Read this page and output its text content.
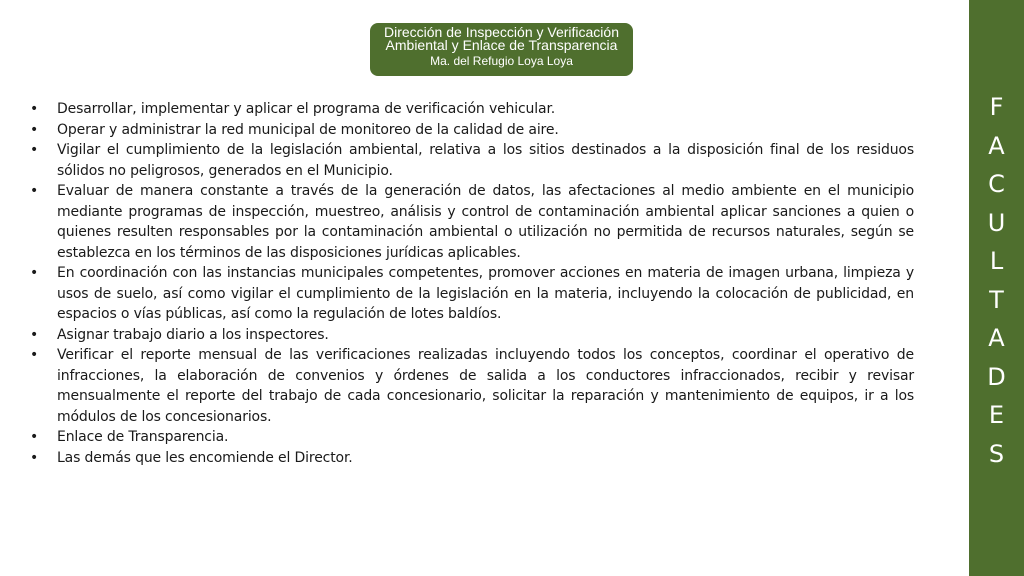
Dirección de Inspección y Verificación
Ambiental y Enlace de Transparencia
Ma. del Refugio Loya Loya
• Desarrollar, implementar y aplicar el programa de verificación vehicular.
• Operar y administrar la red municipal de monitoreo de la calidad de aire.
• Vigilar el cumplimiento de la legislación ambiental, relativa a los sitios destinados a la disposición final de los residuos sólidos no peligrosos, generados en el Municipio.
• Evaluar de manera constante a través de la generación de datos, las afectaciones al medio ambiente en el municipio mediante programas de inspección, muestreo, análisis y control de contaminación ambiental aplicar sanciones a quien o quienes resulten responsables por la contaminación ambiental o utilización no permitida de recursos naturales, según se establezca en los términos de las disposiciones jurídicas aplicables.
• En coordinación con las instancias municipales competentes, promover acciones en materia de imagen urbana, limpieza y usos de suelo, así como vigilar el cumplimiento de la legislación en la materia, incluyendo la colocación de publicidad, en espacios o vías públicas, así como la regulación de lotes baldíos.
• Asignar trabajo diario a los inspectores.
• Verificar el reporte mensual de las verificaciones realizadas incluyendo todos los conceptos, coordinar el operativo de infracciones, la elaboración de convenios y órdenes de salida a los conductores infraccionados, recibir y revisar mensualmente el reporte del trabajo de cada concesionario, solicitar la reparación y mantenimiento de equipos, ir a los módulos de los concesionarios.
• Enlace de Transparencia.
• Las demás que les encomiende el Director.
F
A
C
U
L
T
A
D
E
S
